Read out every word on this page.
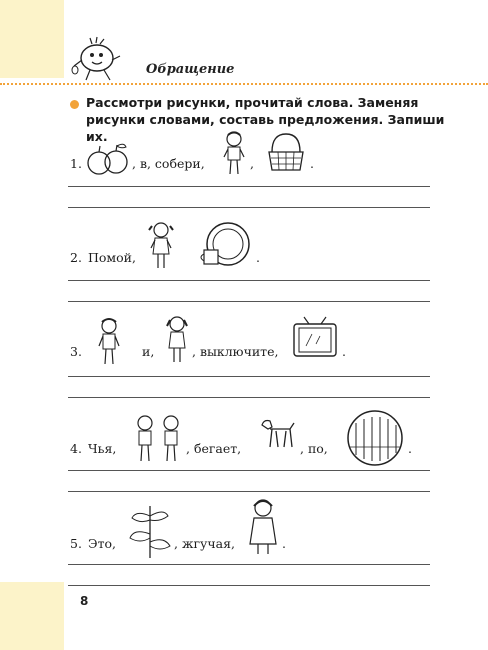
Обращение
Рассмотри рисунки, прочитай слова. Заменяя рисунки словами, составь предложения. Запиши их.
1.	, в, собери,	,	.
2. Помой,	.
3.	и,	, выключите,	.
4. Чья,	, бегает,	, по,	.
5. Это,	, жгучая,	.
8
